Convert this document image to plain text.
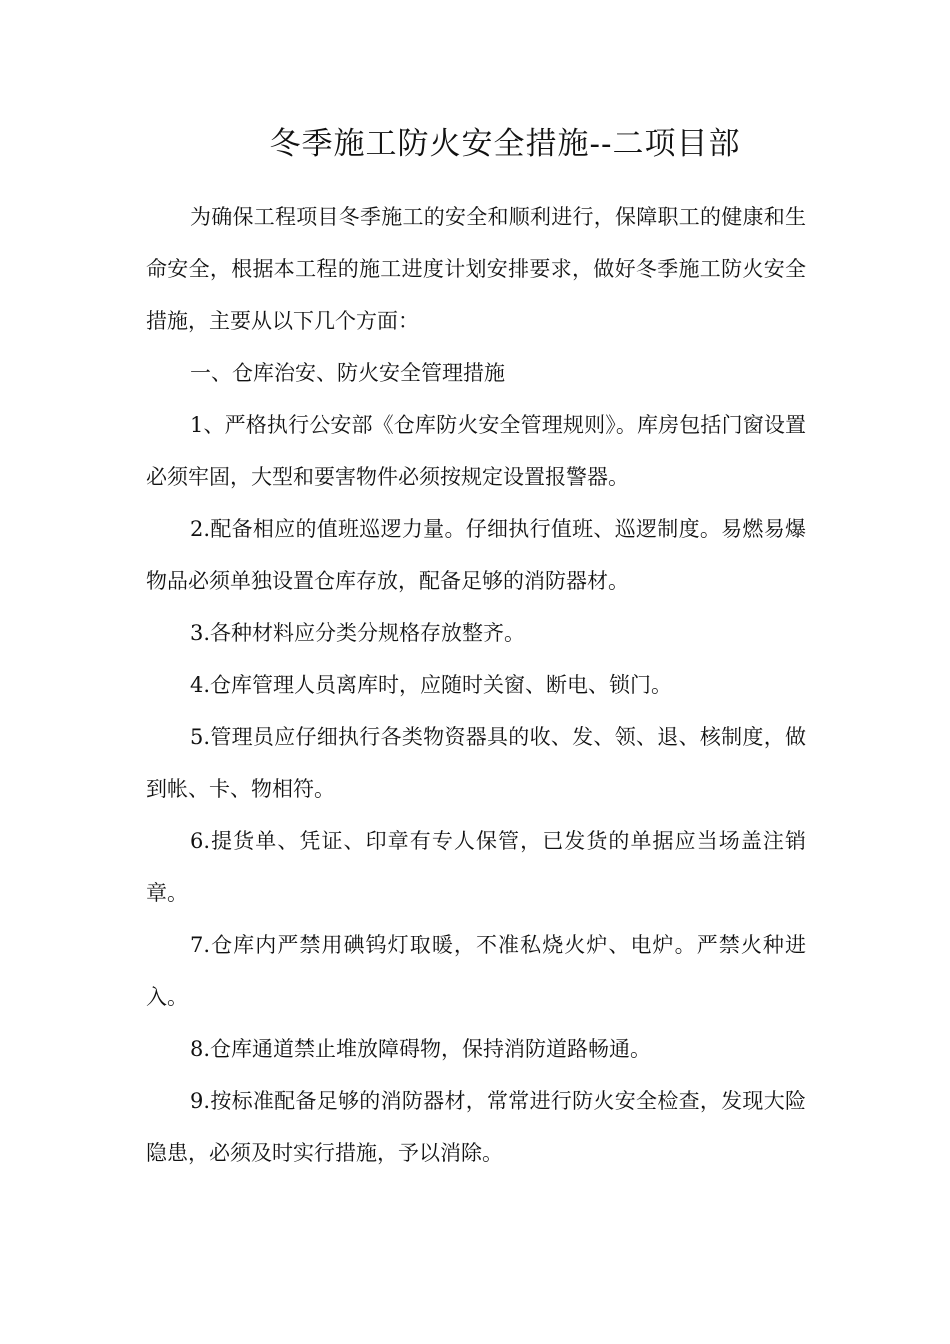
冬季施工防火安全措施--二项目部

为确保工程项目冬季施工的安全和顺利进行，保障职工的健康和生命安全，根据本工程的施工进度计划安排要求，做好冬季施工防火安全措施，主要从以下几个方面：

一、仓库治安、防火安全管理措施

1、严格执行公安部《仓库防火安全管理规则》。库房包括门窗设置必须牢固，大型和要害物件必须按规定设置报警器。

2.配备相应的值班巡逻力量。仔细执行值班、巡逻制度。易燃易爆物品必须单独设置仓库存放，配备足够的消防器材。

3.各种材料应分类分规格存放整齐。

4.仓库管理人员离库时，应随时关窗、断电、锁门。

5.管理员应仔细执行各类物资器具的收、发、领、退、核制度，做到帐、卡、物相符。

6.提货单、凭证、印章有专人保管，已发货的单据应当场盖注销章。

7.仓库内严禁用碘钨灯取暖，不准私烧火炉、电炉。严禁火种进入。

8.仓库通道禁止堆放障碍物，保持消防道路畅通。

9.按标准配备足够的消防器材，常常进行防火安全检查，发现大险隐患，必须及时实行措施，予以消除。
